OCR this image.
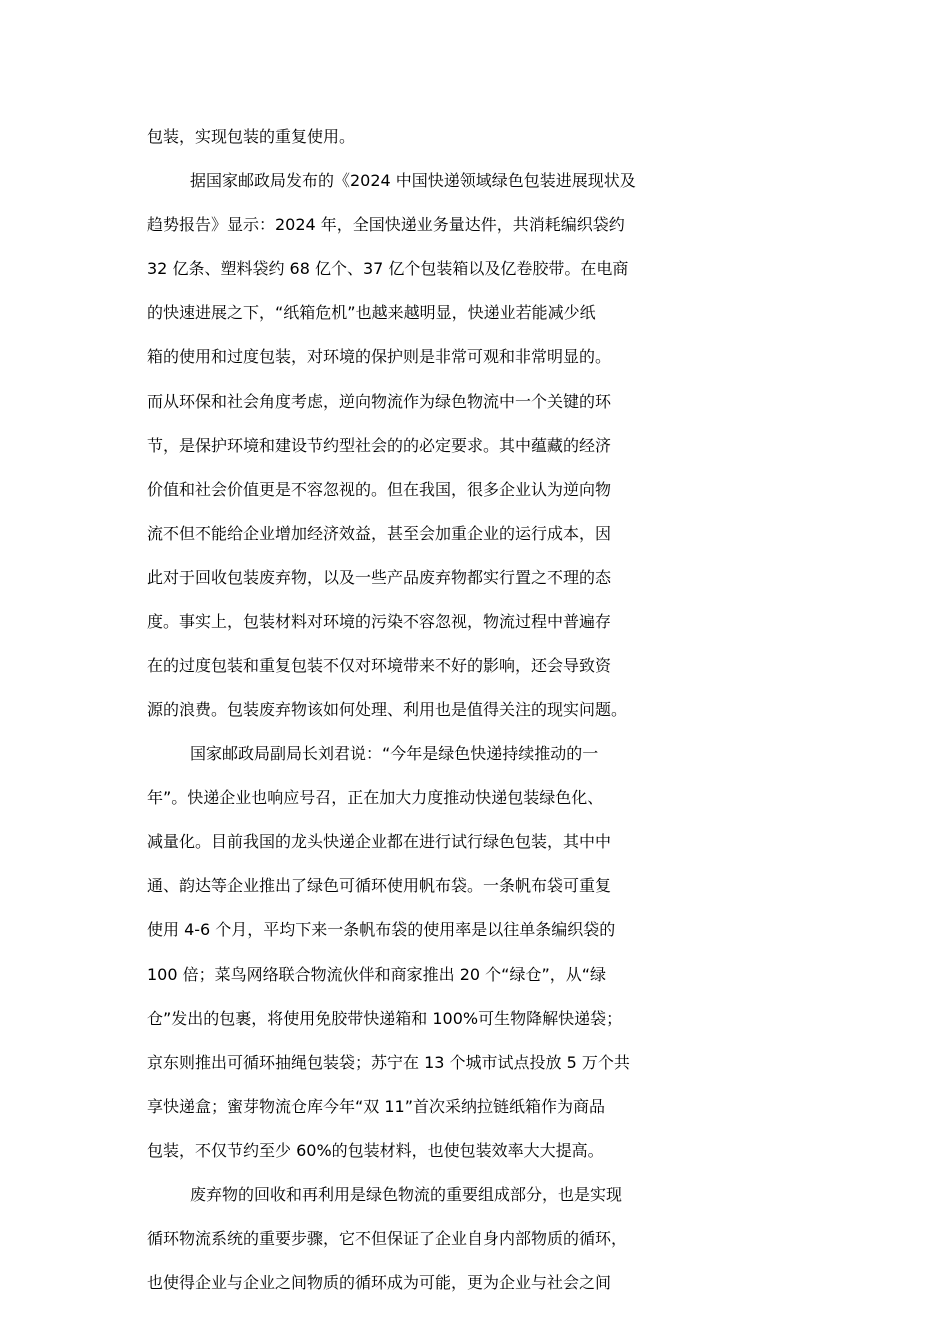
包装，实现包装的重复使用。
据国家邮政局发布的《2024 中国快递领域绿色包装进展现状及
趋势报告》显示：2024 年，全国快递业务量达件，共消耗编织袋约
32 亿条、塑料袋约 68 亿个、37 亿个包装箱以及亿卷胶带。在电商
的快速进展之下，“纸箱危机”也越来越明显，快递业若能减少纸
箱的使用和过度包装，对环境的保护则是非常可观和非常明显的。
而从环保和社会角度考虑，逆向物流作为绿色物流中一个关键的环
节，是保护环境和建设节约型社会的的必定要求。其中蕴藏的经济
价值和社会价值更是不容忽视的。但在我国，很多企业认为逆向物
流不但不能给企业增加经济效益，甚至会加重企业的运行成本，因
此对于回收包装废弃物，以及一些产品废弃物都实行置之不理的态
度。事实上，包装材料对环境的污染不容忽视，物流过程中普遍存
在的过度包装和重复包装不仅对环境带来不好的影响，还会导致资
源的浪费。包装废弃物该如何处理、利用也是值得关注的现实问题。
国家邮政局副局长刘君说：“今年是绿色快递持续推动的一
年”。快递企业也响应号召，正在加大力度推动快递包装绿色化、
减量化。目前我国的龙头快递企业都在进行试行绿色包装，其中中
通、韵达等企业推出了绿色可循环使用帆布袋。一条帆布袋可重复
使用 4-6 个月，平均下来一条帆布袋的使用率是以往单条编织袋的
100 倍；菜鸟网络联合物流伙伴和商家推出 20 个“绿仓”，从“绿
仓”发出的包裹，将使用免胶带快递箱和 100%可生物降解快递袋；
京东则推出可循环抽绳包装袋；苏宁在 13 个城市试点投放 5 万个共
享快递盒；蜜芽物流仓库今年“双 11”首次采纳拉链纸箱作为商品
包装，不仅节约至少 60%的包装材料，也使包装效率大大提高。
废弃物的回收和再利用是绿色物流的重要组成部分，也是实现
循环物流系统的重要步骤，它不但保证了企业自身内部物质的循环，
也使得企业与企业之间物质的循环成为可能，更为企业与社会之间
